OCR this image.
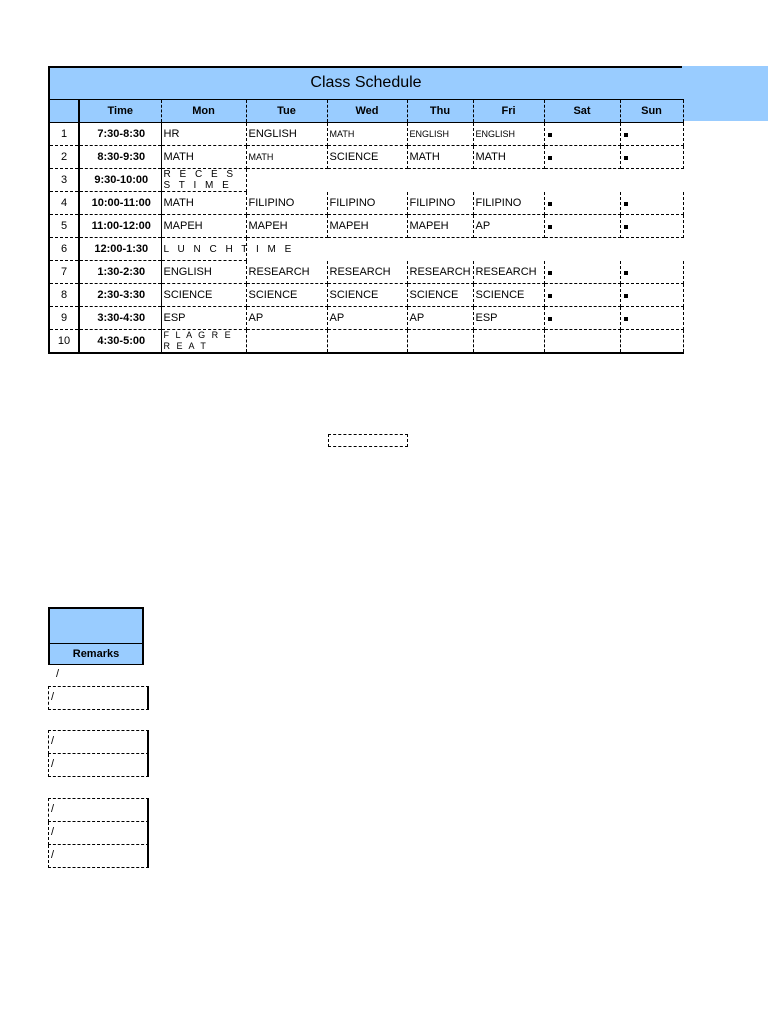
Class Schedule
	Time	Mon	Tue	Wed	Thu	Fri	Sat	Sun
1	7:30-8:30	HR	ENGLISH	MATH	ENGLISH	ENGLISH		
2	8:30-9:30	MATH	MATH	SCIENCE	MATH	MATH		
3	9:30-10:00	R E C E S S T I M E						
4	10:00-11:00	MATH	FILIPINO	FILIPINO	FILIPINO	FILIPINO		
5	11:00-12:00	MAPEH	MAPEH	MAPEH	MAPEH	AP		
6	12:00-1:30	L U N C H T I M E						
7	1:30-2:30	ENGLISH	RESEARCH	RESEARCH	RESEARCH	RESEARCH		
8	2:30-3:30	SCIENCE	SCIENCE	SCIENCE	SCIENCE	SCIENCE		
9	3:30-4:30	ESP	AP	AP	AP	ESP		
10	4:30-5:00	F L A G R E R E A T						
Remarks
/
/
/
/
/
/
/
